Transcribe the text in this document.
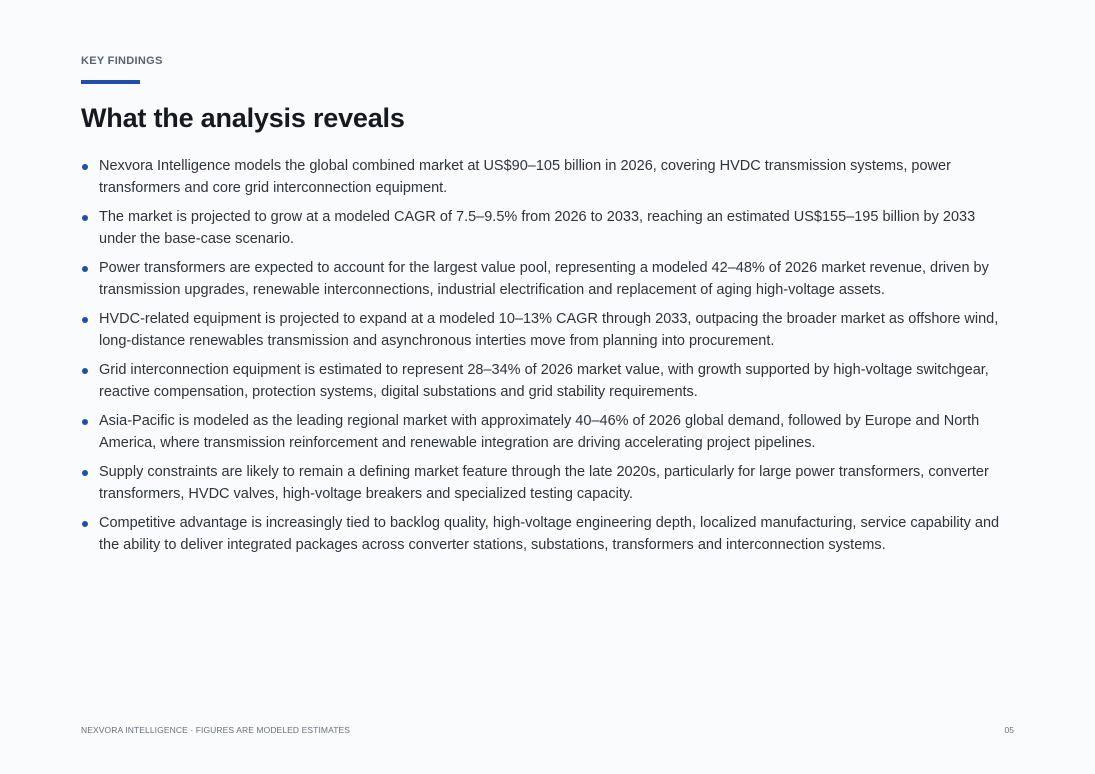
KEY FINDINGS
What the analysis reveals
Nexvora Intelligence models the global combined market at US$90–105 billion in 2026, covering HVDC transmission systems, power transformers and core grid interconnection equipment.
The market is projected to grow at a modeled CAGR of 7.5–9.5% from 2026 to 2033, reaching an estimated US$155–195 billion by 2033 under the base-case scenario.
Power transformers are expected to account for the largest value pool, representing a modeled 42–48% of 2026 market revenue, driven by transmission upgrades, renewable interconnections, industrial electrification and replacement of aging high-voltage assets.
HVDC-related equipment is projected to expand at a modeled 10–13% CAGR through 2033, outpacing the broader market as offshore wind, long-distance renewables transmission and asynchronous interties move from planning into procurement.
Grid interconnection equipment is estimated to represent 28–34% of 2026 market value, with growth supported by high-voltage switchgear, reactive compensation, protection systems, digital substations and grid stability requirements.
Asia-Pacific is modeled as the leading regional market with approximately 40–46% of 2026 global demand, followed by Europe and North America, where transmission reinforcement and renewable integration are driving accelerating project pipelines.
Supply constraints are likely to remain a defining market feature through the late 2020s, particularly for large power transformers, converter transformers, HVDC valves, high-voltage breakers and specialized testing capacity.
Competitive advantage is increasingly tied to backlog quality, high-voltage engineering depth, localized manufacturing, service capability and the ability to deliver integrated packages across converter stations, substations, transformers and interconnection systems.
NEXVORA INTELLIGENCE · FIGURES ARE MODELED ESTIMATES	05
